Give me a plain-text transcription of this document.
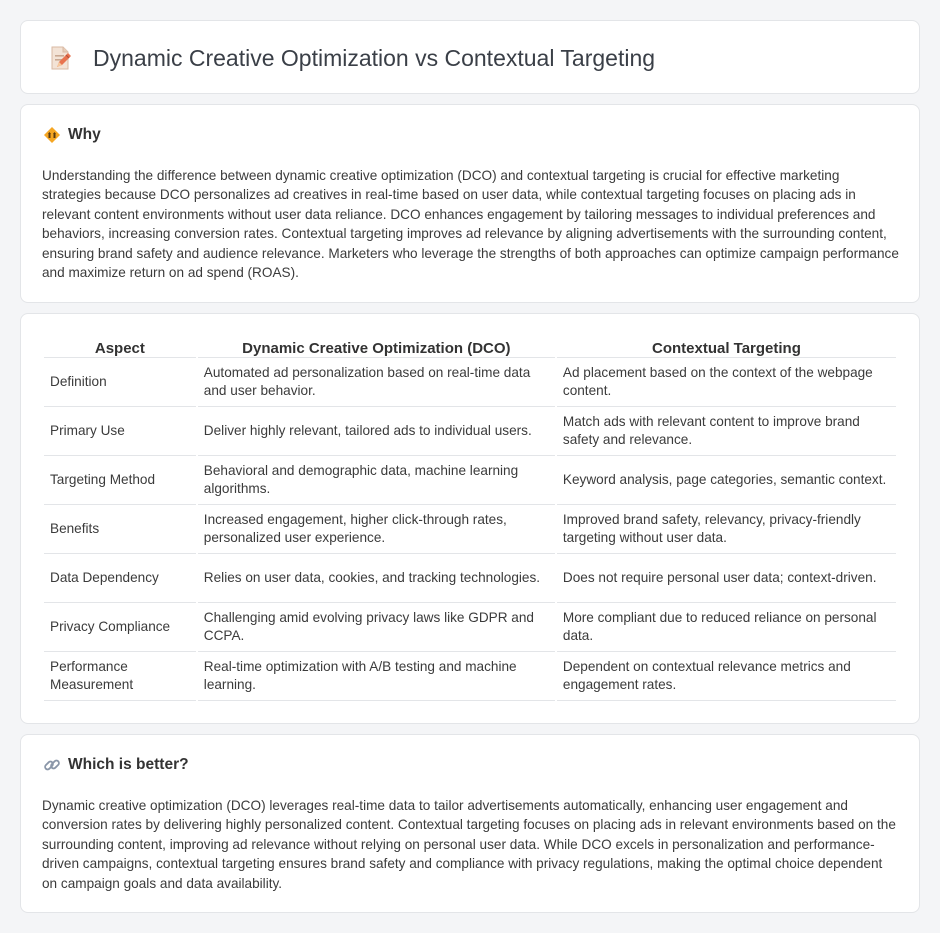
Dynamic Creative Optimization vs Contextual Targeting
Why

Understanding the difference between dynamic creative optimization (DCO) and contextual targeting is crucial for effective marketing strategies because DCO personalizes ad creatives in real-time based on user data, while contextual targeting focuses on placing ads in relevant content environments without user data reliance. DCO enhances engagement by tailoring messages to individual preferences and behaviors, increasing conversion rates. Contextual targeting improves ad relevance by aligning advertisements with the surrounding content, ensuring brand safety and audience relevance. Marketers who leverage the strengths of both approaches can optimize campaign performance and maximize return on ad spend (ROAS).

Aspect	Dynamic Creative Optimization (DCO)	Contextual Targeting
Definition	Automated ad personalization based on real-time data and user behavior.	Ad placement based on the context of the webpage content.
Primary Use	Deliver highly relevant, tailored ads to individual users.	Match ads with relevant content to improve brand safety and relevance.
Targeting Method	Behavioral and demographic data, machine learning algorithms.	Keyword analysis, page categories, semantic context.
Benefits	Increased engagement, higher click-through rates, personalized user experience.	Improved brand safety, relevancy, privacy-friendly targeting without user data.
Data Dependency	Relies on user data, cookies, and tracking technologies.	Does not require personal user data; context-driven.
Privacy Compliance	Challenging amid evolving privacy laws like GDPR and CCPA.	More compliant due to reduced reliance on personal data.
Performance Measurement	Real-time optimization with A/B testing and machine learning.	Dependent on contextual relevance metrics and engagement rates.
Which is better?

Dynamic creative optimization (DCO) leverages real-time data to tailor advertisements automatically, enhancing user engagement and conversion rates by delivering highly personalized content. Contextual targeting focuses on placing ads in relevant environments based on the surrounding content, improving ad relevance without relying on personal user data. While DCO excels in personalization and performance-driven campaigns, contextual targeting ensures brand safety and compliance with privacy regulations, making the optimal choice dependent on campaign goals and data availability.
